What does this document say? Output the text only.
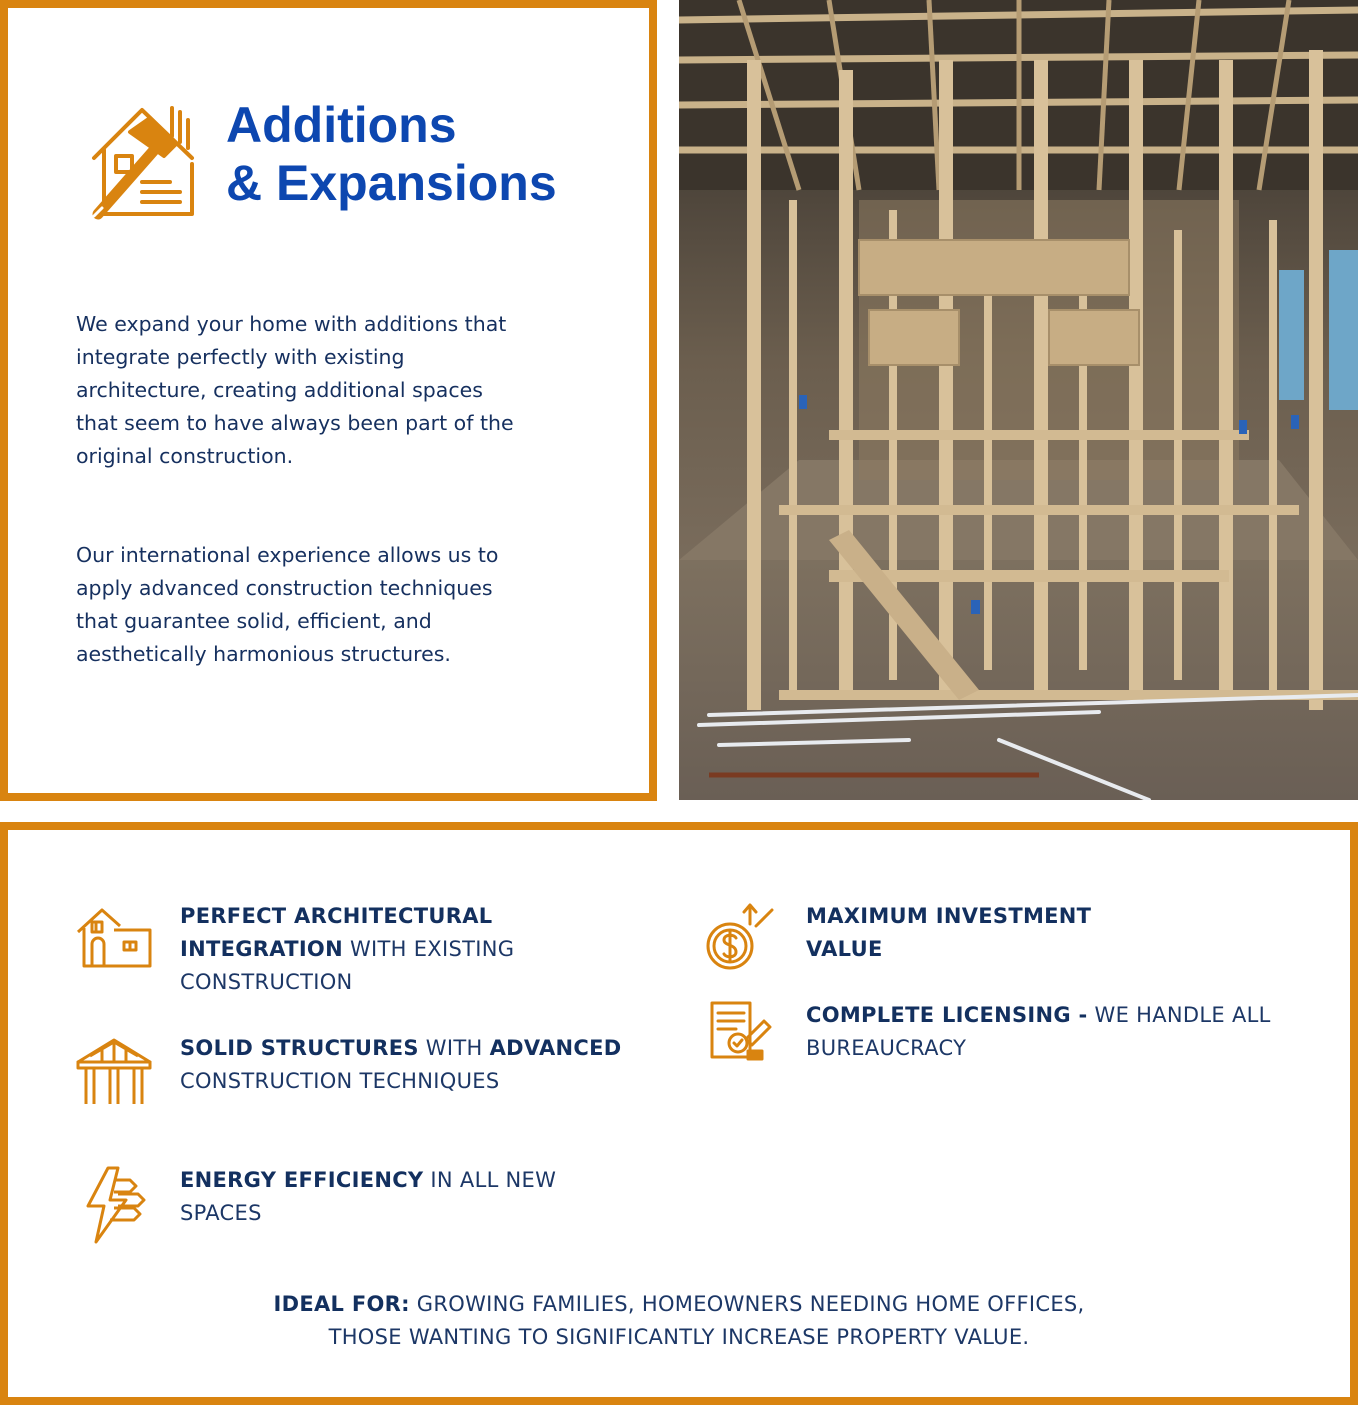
Additions
& Expansions

We expand your home with additions that integrate perfectly with existing architecture, creating additional spaces that seem to have always been part of the original construction.

Our international experience allows us to apply advanced construction techniques that guarantee solid, efficient, and aesthetically harmonious structures.

PERFECT ARCHITECTURAL INTEGRATION WITH EXISTING CONSTRUCTION
SOLID STRUCTURES WITH ADVANCED CONSTRUCTION TECHNIQUES
ENERGY EFFICIENCY IN ALL NEW SPACES
MAXIMUM INVESTMENT VALUE
COMPLETE LICENSING - WE HANDLE ALL BUREAUCRACY
IDEAL FOR: GROWING FAMILIES, HOMEOWNERS NEEDING HOME OFFICES,
THOSE WANTING TO SIGNIFICANTLY INCREASE PROPERTY VALUE.
